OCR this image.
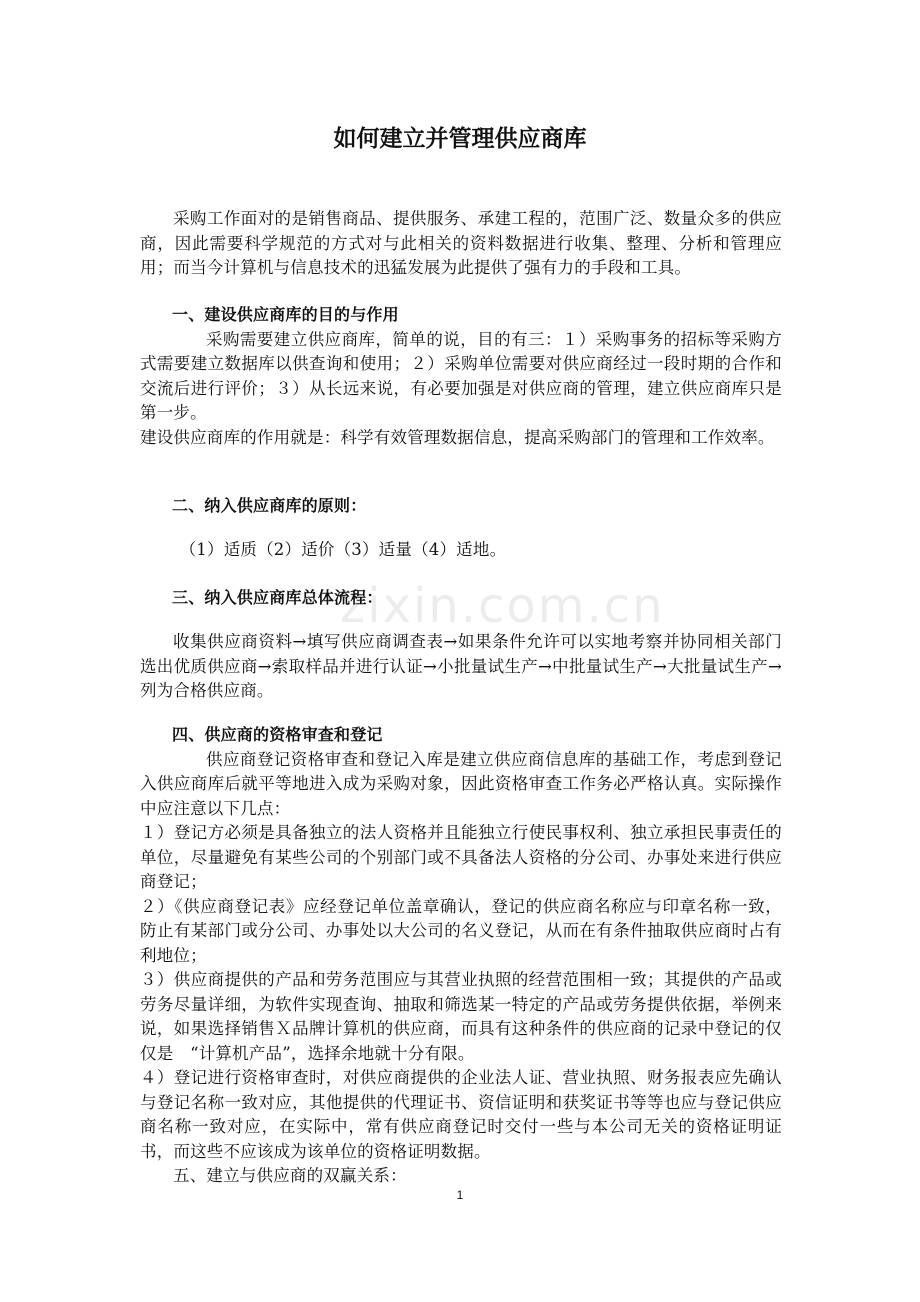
如何建立并管理供应商库
zixin.com.cn

采购工作面对的是销售商品、提供服务、承建工程的，范围广泛、数量众多的供应商，因此需要科学规范的方式对与此相关的资料数据进行收集、整理、分析和管理应用；而当今计算机与信息技术的迅猛发展为此提供了强有力的手段和工具。

一、建设供应商库的目的与作用

采购需要建立供应商库，简单的说，目的有三：１）采购事务的招标等采购方式需要建立数据库以供查询和使用；２）采购单位需要对供应商经过一段时期的合作和交流后进行评价；３）从长远来说，有必要加强是对供应商的管理，建立供应商库只是第一步。

建设供应商库的作用就是：科学有效管理数据信息，提高采购部门的管理和工作效率。

二、纳入供应商库的原则：

（1）适质（2）适价（3）适量（4）适地。

三、纳入供应商库总体流程：

收集供应商资料→填写供应商调查表→如果条件允许可以实地考察并协同相关部门选出优质供应商→索取样品并进行认证→小批量试生产→中批量试生产→大批量试生产→列为合格供应商。

四、供应商的资格审查和登记

供应商登记资格审查和登记入库是建立供应商信息库的基础工作，考虑到登记入供应商库后就平等地进入成为采购对象，因此资格审查工作务必严格认真。实际操作中应注意以下几点：

１）登记方必须是具备独立的法人资格并且能独立行使民事权利、独立承担民事责任的单位，尽量避免有某些公司的个别部门或不具备法人资格的分公司、办事处来进行供应商登记；

２）《供应商登记表》应经登记单位盖章确认，登记的供应商名称应与印章名称一致，防止有某部门或分公司、办事处以大公司的名义登记，从而在有条件抽取供应商时占有利地位；

３）供应商提供的产品和劳务范围应与其营业执照的经营范围相一致；其提供的产品或劳务尽量详细，为软件实现查询、抽取和筛选某一特定的产品或劳务提供依据，举例来说，如果选择销售Ｘ品牌计算机的供应商，而具有这种条件的供应商的记录中登记的仅仅是　“计算机产品”，选择余地就十分有限。

４）登记进行资格审查时，对供应商提供的企业法人证、营业执照、财务报表应先确认与登记名称一致对应，其他提供的代理证书、资信证明和获奖证书等等也应与登记供应商名称一致对应，在实际中，常有供应商登记时交付一些与本公司无关的资格证明证书，而这些不应该成为该单位的资格证明数据。

五、建立与供应商的双赢关系：

1
